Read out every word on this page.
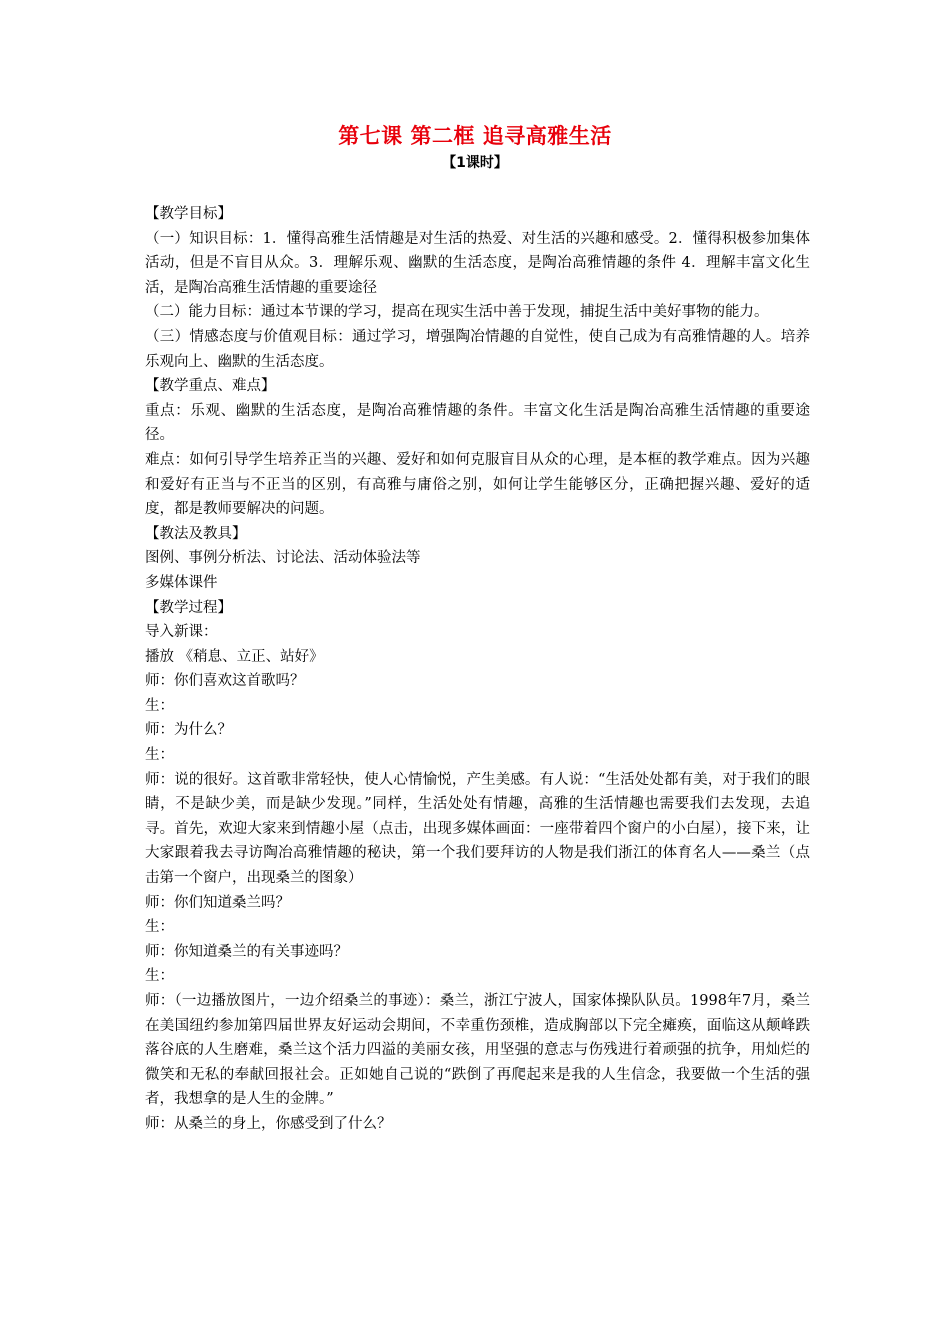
第七课 第二框 追寻高雅生活
【1课时】

【教学目标】

（一）知识目标：1．懂得高雅生活情趣是对生活的热爱、对生活的兴趣和感受。2．懂得积极参加集体活动，但是不盲目从众。3．理解乐观、幽默的生活态度，是陶冶高雅情趣的条件 4．理解丰富文化生活，是陶冶高雅生活情趣的重要途径

（二）能力目标：通过本节课的学习，提高在现实生活中善于发现，捕捉生活中美好事物的能力。

（三）情感态度与价值观目标：通过学习，增强陶冶情趣的自觉性，使自己成为有高雅情趣的人。培养乐观向上、幽默的生活态度。

【教学重点、难点】

重点：乐观、幽默的生活态度，是陶冶高雅情趣的条件。丰富文化生活是陶冶高雅生活情趣的重要途径。

难点：如何引导学生培养正当的兴趣、爱好和如何克服盲目从众的心理，是本框的教学难点。因为兴趣和爱好有正当与不正当的区别，有高雅与庸俗之别，如何让学生能够区分，正确把握兴趣、爱好的适度，都是教师要解决的问题。

【教法及教具】

图例、事例分析法、讨论法、活动体验法等

多媒体课件

【教学过程】

导入新课：

播放 《稍息、立正、站好》

师：你们喜欢这首歌吗？

生：

师：为什么？

生：

师：说的很好。这首歌非常轻快，使人心情愉悦，产生美感。有人说：“生活处处都有美，对于我们的眼睛，不是缺少美，而是缺少发现。”同样，生活处处有情趣，高雅的生活情趣也需要我们去发现，去追寻。首先，欢迎大家来到情趣小屋（点击，出现多媒体画面：一座带着四个窗户的小白屋），接下来，让大家跟着我去寻访陶冶高雅情趣的秘诀，第一个我们要拜访的人物是我们浙江的体育名人——桑兰（点击第一个窗户，出现桑兰的图象）

师：你们知道桑兰吗？

生：

师：你知道桑兰的有关事迹吗？

生：

师：（一边播放图片，一边介绍桑兰的事迹）：桑兰，浙江宁波人，国家体操队队员。1998年7月，桑兰在美国纽约参加第四届世界友好运动会期间，不幸重伤颈椎，造成胸部以下完全瘫痪，面临这从颠峰跌落谷底的人生磨难，桑兰这个活力四溢的美丽女孩，用坚强的意志与伤残进行着顽强的抗争，用灿烂的微笑和无私的奉献回报社会。正如她自己说的“跌倒了再爬起来是我的人生信念，我要做一个生活的强者，我想拿的是人生的金牌。”

师：从桑兰的身上，你感受到了什么？
